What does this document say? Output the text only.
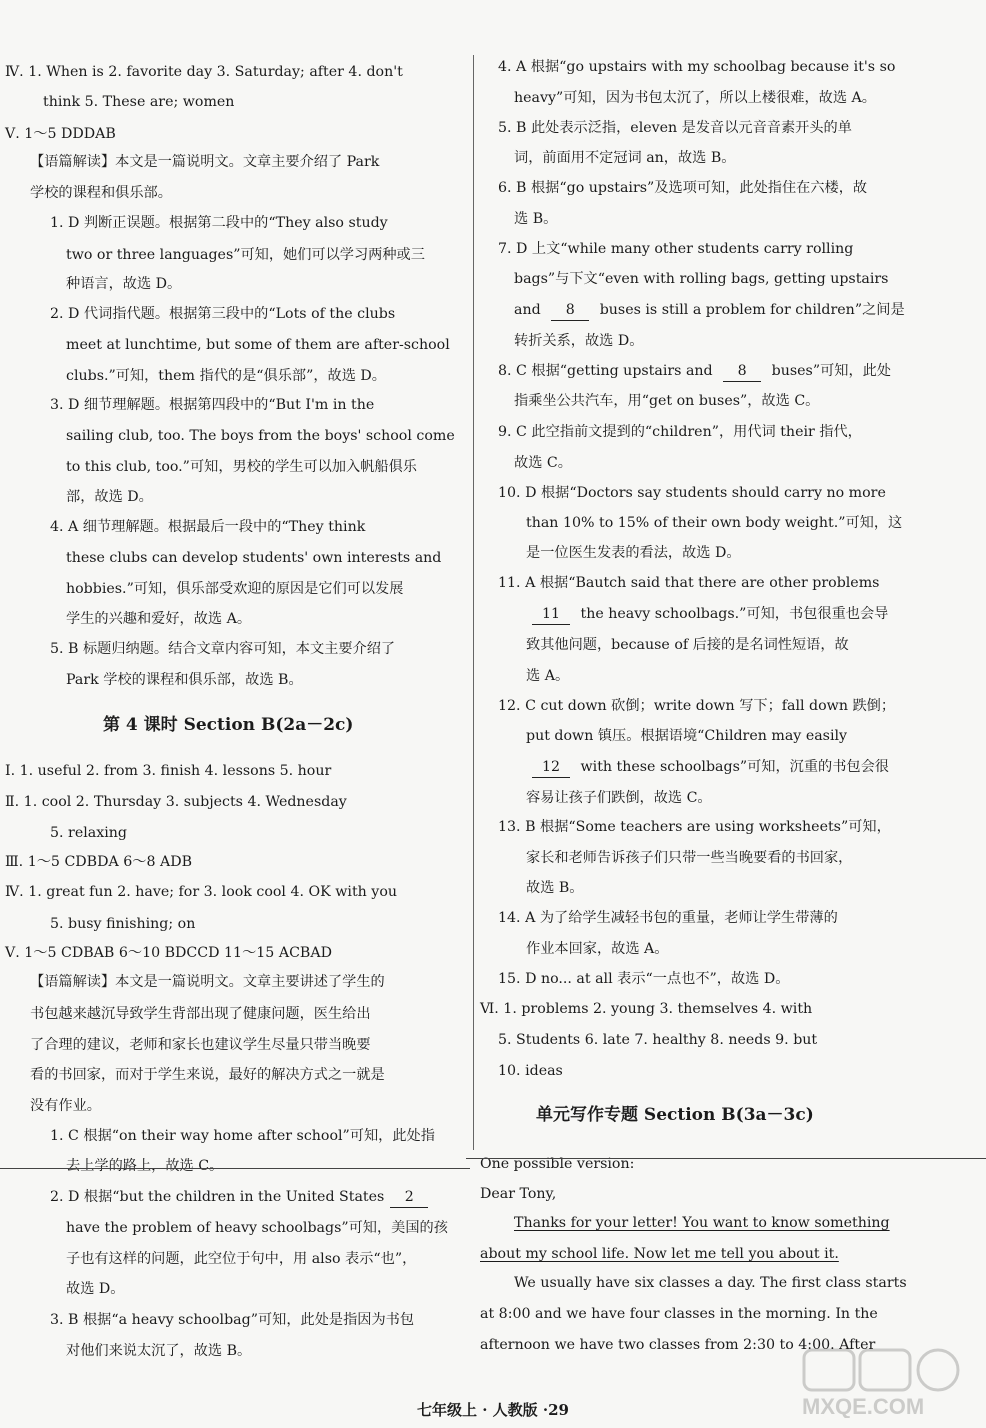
Ⅳ. 1. When is 2. favorite day 3. Saturday; after 4. don't
think 5. These are; women
Ⅴ. 1～5 DDDAB
【语篇解读】本文是一篇说明文。文章主要介绍了 Park
学校的课程和俱乐部。
1. D 判断正误题。根据第二段中的“They also study
two or three languages”可知，她们可以学习两种或三
种语言，故选 D。
2. D 代词指代题。根据第三段中的“Lots of the clubs
meet at lunchtime, but some of them are after-school
clubs.”可知，them 指代的是“俱乐部”，故选 D。
3. D 细节理解题。根据第四段中的“But I'm in the
sailing club, too. The boys from the boys' school come
to this club, too.”可知，男校的学生可以加入帆船俱乐
部，故选 D。
4. A 细节理解题。根据最后一段中的“They think
these clubs can develop students' own interests and
hobbies.”可知，俱乐部受欢迎的原因是它们可以发展
学生的兴趣和爱好，故选 A。
5. B 标题归纳题。结合文章内容可知，本文主要介绍了
Park 学校的课程和俱乐部，故选 B。
Ⅰ. 1. useful 2. from 3. finish 4. lessons 5. hour
Ⅱ. 1. cool 2. Thursday 3. subjects 4. Wednesday
5. relaxing
Ⅲ. 1～5 CDBDA 6～8 ADB
Ⅳ. 1. great fun 2. have; for 3. look cool 4. OK with you
5. busy finishing; on
Ⅴ. 1～5 CDBAB 6～10 BDCCD 11～15 ACBAD
【语篇解读】本文是一篇说明文。文章主要讲述了学生的
书包越来越沉导致学生背部出现了健康问题，医生给出
了合理的建议，老师和家长也建议学生尽量只带当晚要
看的书回家，而对于学生来说，最好的解决方式之一就是
没有作业。
1. C 根据“on their way home after school”可知，此处指
去上学的路上，故选 C。
2. D 根据“but the children in the United States 2
have the problem of heavy schoolbags”可知，美国的孩
子也有这样的问题，此空位于句中，用 also 表示“也”，
故选 D。
3. B 根据“a heavy schoolbag”可知，此处是指因为书包
对他们来说太沉了，故选 B。
第 4 课时 Section B(2a－2c)
4. A 根据“go upstairs with my schoolbag because it's so
heavy”可知，因为书包太沉了，所以上楼很难，故选 A。
5. B 此处表示泛指，eleven 是发音以元音音素开头的单
词，前面用不定冠词 an，故选 B。
6. B 根据“go upstairs”及选项可知，此处指住在六楼，故
选 B。
7. D 上文“while many other students carry rolling
bags”与下文“even with rolling bags, getting upstairs
and 8 buses is still a problem for children”之间是
转折关系，故选 D。
8. C 根据“getting upstairs and 8 buses”可知，此处
指乘坐公共汽车，用“get on buses”，故选 C。
9. C 此空指前文提到的“children”，用代词 their 指代，
故选 C。
10. D 根据“Doctors say students should carry no more
than 10% to 15% of their own body weight.”可知，这
是一位医生发表的看法，故选 D。
11. A 根据“Bautch said that there are other problems
11 the heavy schoolbags.”可知，书包很重也会导
致其他问题，because of 后接的是名词性短语，故
选 A。
12. C cut down 砍倒；write down 写下；fall down 跌倒；
put down 镇压。根据语境“Children may easily
12 with these schoolbags”可知，沉重的书包会很
容易让孩子们跌倒，故选 C。
13. B 根据“Some teachers are using worksheets”可知，
家长和老师告诉孩子们只带一些当晚要看的书回家，
故选 B。
14. A 为了给学生减轻书包的重量，老师让学生带薄的
作业本回家，故选 A。
15. D no... at all 表示“一点也不”，故选 D。
Ⅵ. 1. problems 2. young 3. themselves 4. with
5. Students 6. late 7. healthy 8. needs 9. but
10. ideas
One possible version:
Dear Tony,
Thanks for your letter! You want to know something
about my school life. Now let me tell you about it.
We usually have six classes a day. The first class starts
at 8:00 and we have four classes in the morning. In the
afternoon we have two classes from 2:30 to 4:00. After
单元写作专题 Section B(3a－3c)
七年级上 · 人教版 ·29	MXQE.COM
